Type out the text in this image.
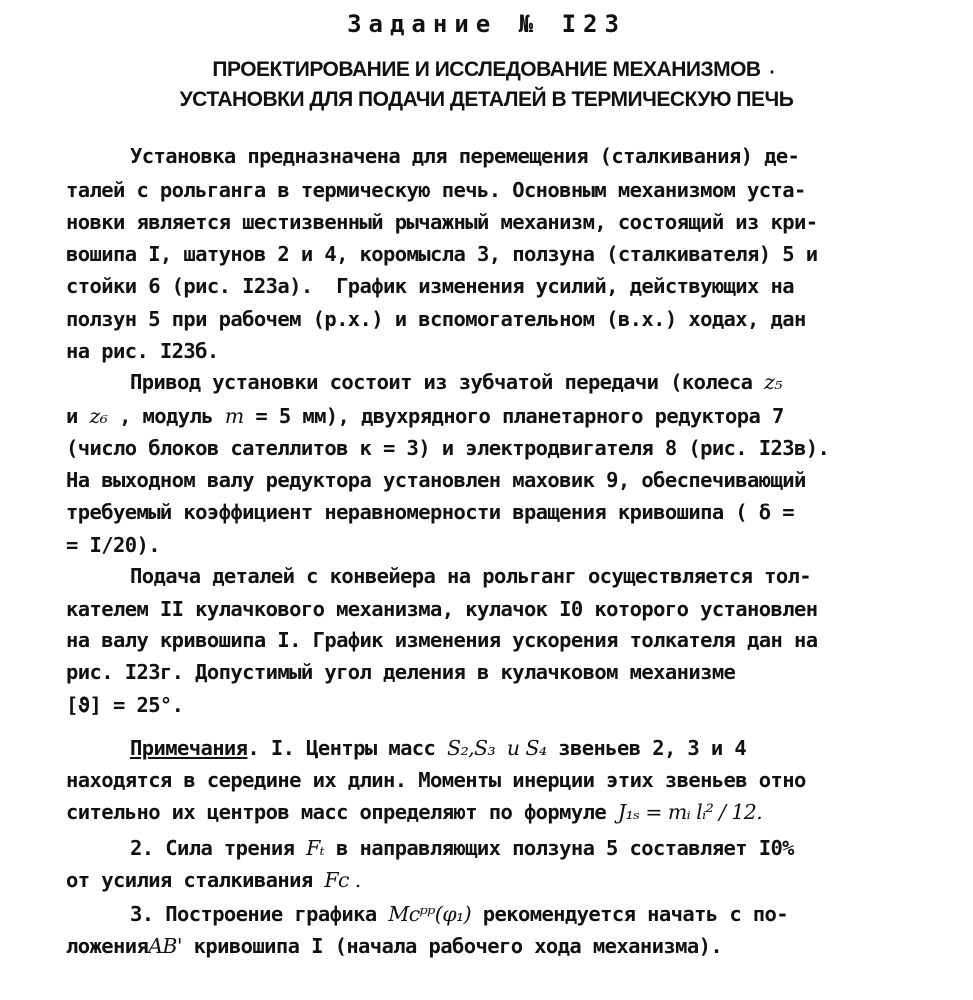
Задание № I23
ПРОЕКТИРОВАНИЕ И ИССЛЕДОВАНИЕ МЕХАНИЗМОВ
УСТАНОВКИ ДЛЯ ПОДАЧИ ДЕТАЛЕЙ В ТЕРМИЧЕСКУЮ ПЕЧЬ
·
Установка предназначена для перемещения (сталкивания) де-
талей с рольганга в термическую печь. Основным механизмом уста-
новки является шестизвенный рычажный механизм, состоящий из кри-
вошипа I, шатунов 2 и 4, коромысла 3, ползуна (сталкивателя) 5 и
стойки 6 (рис. I23а).  График изменения усилий, действующих на
ползун 5 при рабочем (р.х.) и вспомогательном (в.х.) ходах, дан
на рис. I23б.
Привод установки состоит из зубчатой передачи (колеса z₅
и z₆ , модуль m = 5 мм), двухрядного планетарного редуктора 7
(число блоков сателлитов к = 3) и электродвигателя 8 (рис. I23в).
На выходном валу редуктора установлен маховик 9, обеспечивающий
требуемый коэффициент неравномерности вращения кривошипа ( δ =
= I/20).
Подача деталей с конвейера на рольганг осуществляется тол-
кателем II кулачкового механизма, кулачок I0 которого установлен
на валу кривошипа I. График изменения ускорения толкателя дан на
рис. I23г. Допустимый угол деления в кулачковом механизме
[ϑ] = 25°.
Примечания. I. Центры масс S₂,S₃  и S₄ звеньев 2, 3 и 4
находятся в середине их длин. Моменты инерции этих звеньев отно
сительно их центров масс определяют по формуле J₁ₛ = mᵢ lᵢ² / 12.
2. Сила трения Fₜ в направляющих ползуна 5 составляет I0%
от усилия сталкивания Fc .
3. Построение графика Mcᵖᵖ(φ₁) рекомендуется начать с по-
ложенияAB' кривошипа I (начала рабочего хода механизма).
